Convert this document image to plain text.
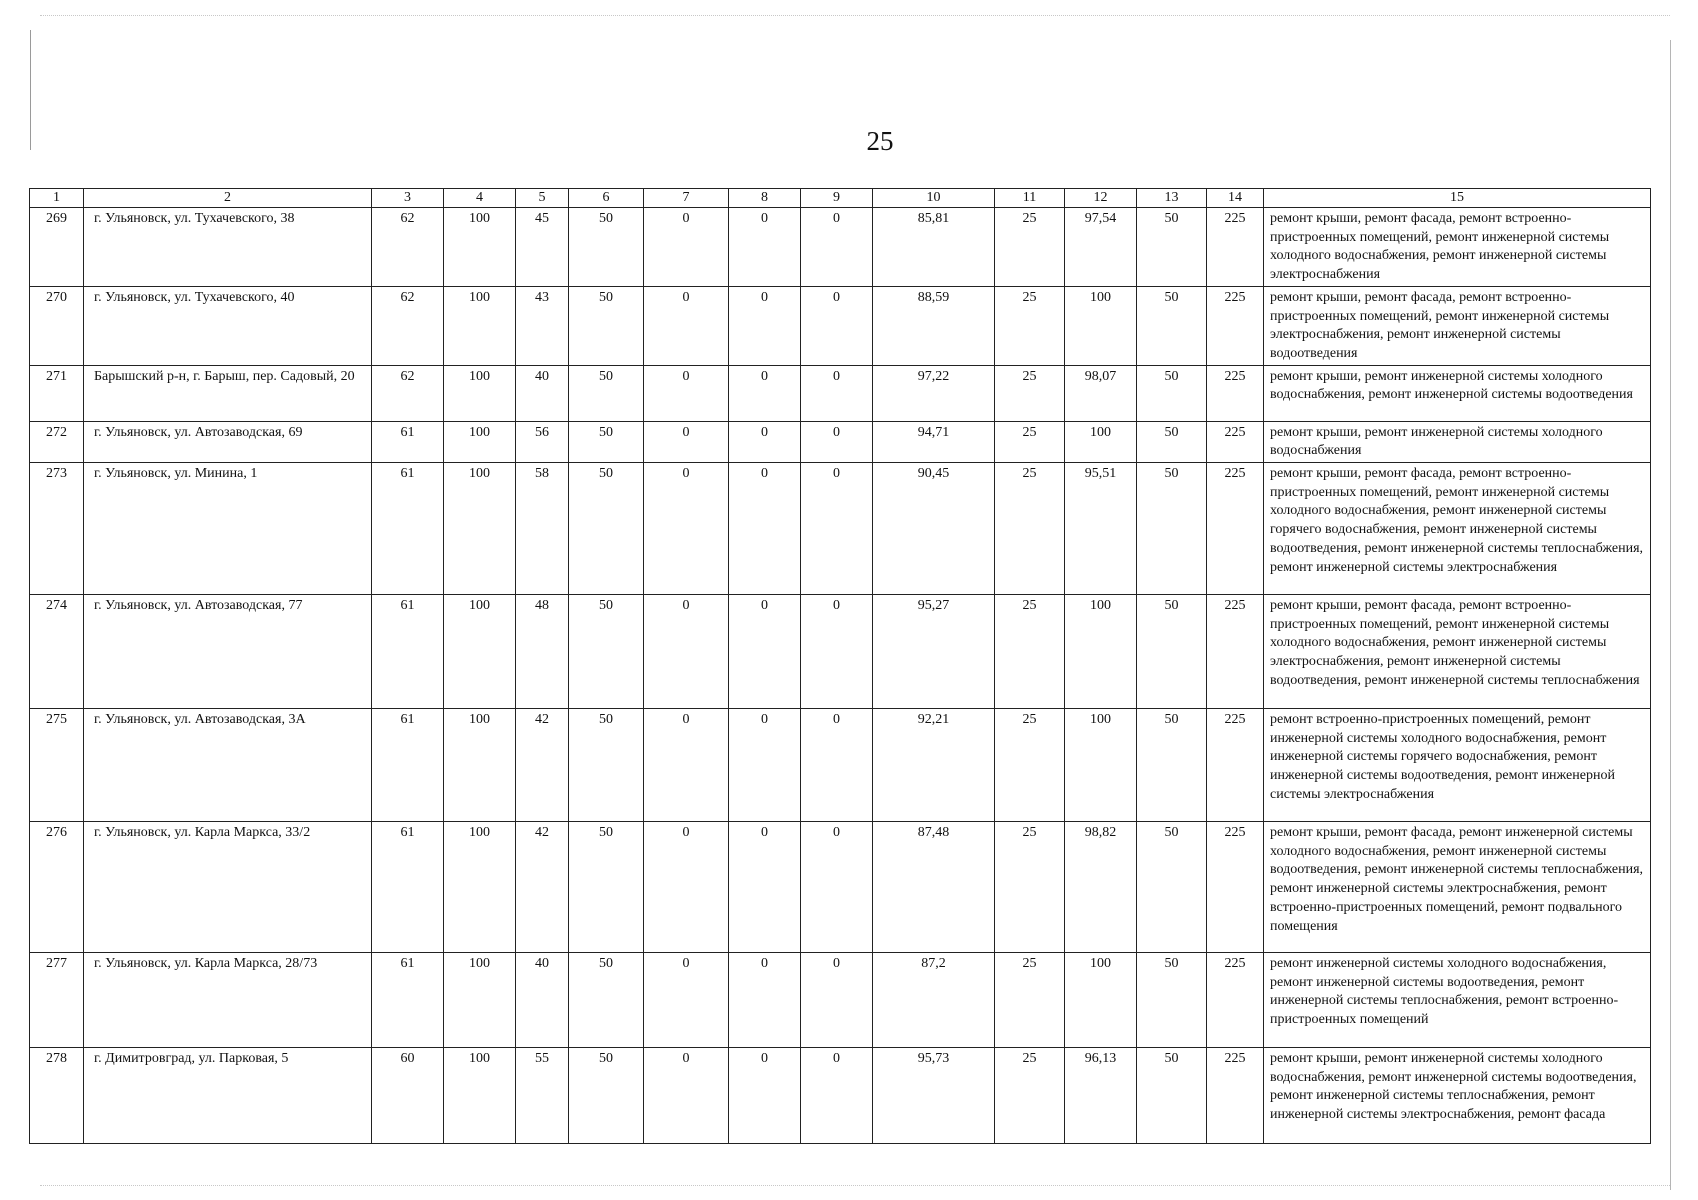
25
1	2	3	4	5	6	7	8	9	10	11	12	13	14	15
269	г. Ульяновск, ул. Тухачевского, 38	62	100	45	50	0	0	0	85,81	25	97,54	50	225	ремонт крыши, ремонт фасада, ремонт встроенно-пристроенных помещений, ремонт инженерной системы холодного водоснабжения, ремонт инженерной системы электроснабжения
270	г. Ульяновск, ул. Тухачевского, 40	62	100	43	50	0	0	0	88,59	25	100	50	225	ремонт крыши, ремонт фасада, ремонт встроенно-пристроенных помещений, ремонт инженерной системы электроснабжения, ремонт инженерной системы водоотведения
271	Барышский р-н, г. Барыш, пер. Садовый, 20	62	100	40	50	0	0	0	97,22	25	98,07	50	225	ремонт крыши, ремонт инженерной системы холодного водоснабжения, ремонт инженерной системы водоотведения
272	г. Ульяновск, ул. Автозаводская, 69	61	100	56	50	0	0	0	94,71	25	100	50	225	ремонт крыши, ремонт инженерной системы холодного водоснабжения
273	г. Ульяновск, ул. Минина, 1	61	100	58	50	0	0	0	90,45	25	95,51	50	225	ремонт крыши, ремонт фасада, ремонт встроенно-пристроенных помещений, ремонт инженерной системы холодного водоснабжения, ремонт инженерной системы горячего водоснабжения, ремонт инженерной системы водоотведения, ремонт инженерной системы теплоснабжения, ремонт инженерной системы электроснабжения
274	г. Ульяновск, ул. Автозаводская, 77	61	100	48	50	0	0	0	95,27	25	100	50	225	ремонт крыши, ремонт фасада, ремонт встроенно-пристроенных помещений, ремонт инженерной системы холодного водоснабжения, ремонт инженерной системы электроснабжения, ремонт инженерной системы водоотведения, ремонт инженерной системы теплоснабжения
275	г. Ульяновск, ул. Автозаводская, 3А	61	100	42	50	0	0	0	92,21	25	100	50	225	ремонт встроенно-пристроенных помещений, ремонт инженерной системы холодного водоснабжения, ремонт инженерной системы горячего водоснабжения, ремонт инженерной системы водоотведения, ремонт инженерной системы электроснабжения
276	г. Ульяновск, ул. Карла Маркса, 33/2	61	100	42	50	0	0	0	87,48	25	98,82	50	225	ремонт крыши, ремонт фасада, ремонт инженерной системы холодного водоснабжения, ремонт инженерной системы водоотведения, ремонт инженерной системы теплоснабжения, ремонт инженерной системы электроснабжения, ремонт встроенно-пристроенных помещений, ремонт подвального помещения
277	г. Ульяновск, ул. Карла Маркса, 28/73	61	100	40	50	0	0	0	87,2	25	100	50	225	ремонт инженерной системы холодного водоснабжения, ремонт инженерной системы водоотведения, ремонт инженерной системы теплоснабжения, ремонт встроенно-пристроенных помещений
278	г. Димитровград, ул. Парковая, 5	60	100	55	50	0	0	0	95,73	25	96,13	50	225	ремонт крыши, ремонт инженерной системы холодного водоснабжения, ремонт инженерной системы водоотведения, ремонт инженерной системы теплоснабжения, ремонт инженерной системы электроснабжения, ремонт фасада
